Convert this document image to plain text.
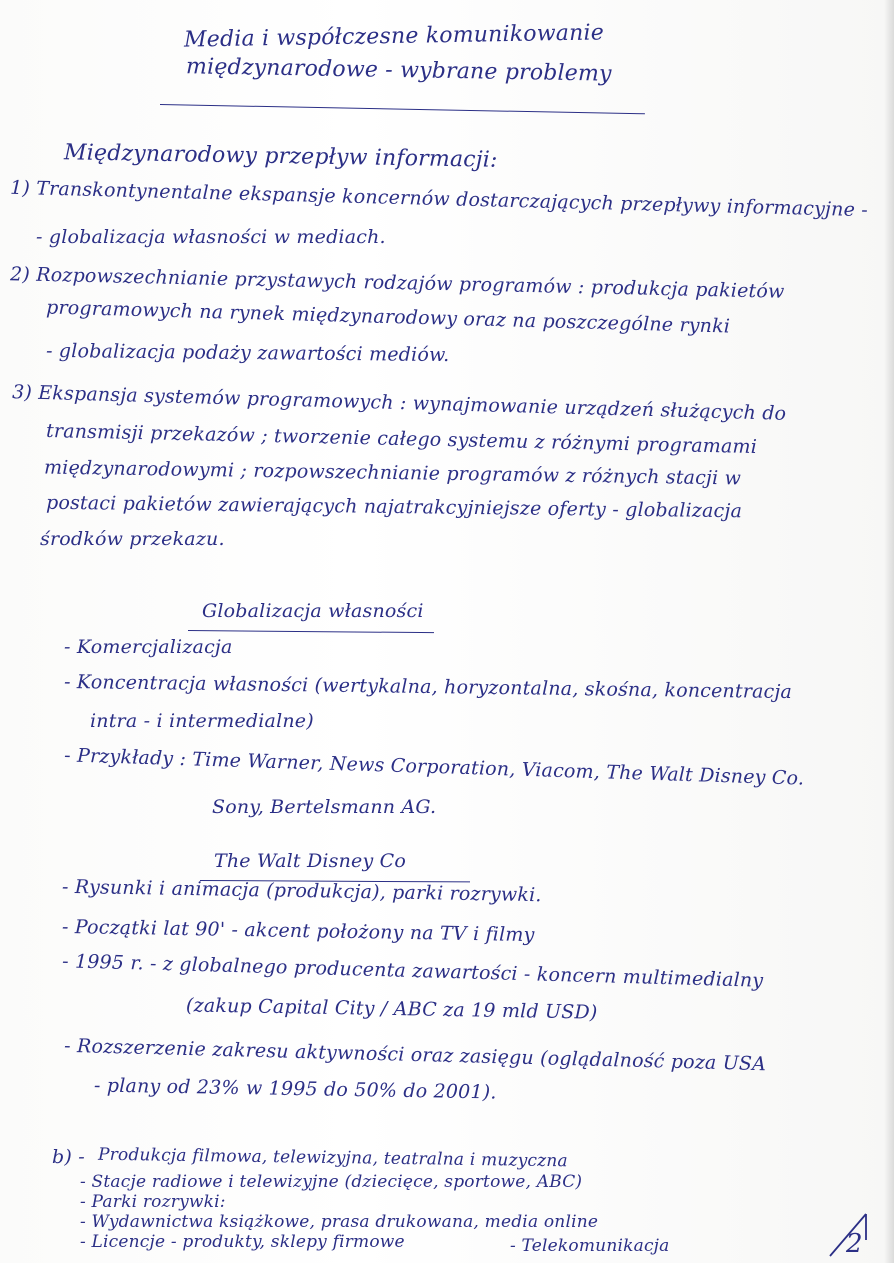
Media i współczesne komunikowanie
międzynarodowe - wybrane problemy
Międzynarodowy przepływ informacji:
1) Transkontynentalne ekspansje koncernów dostarczających przepływy informacyjne -
- globalizacja własności w mediach.
2) Rozpowszechnianie przystawych rodzajów programów : produkcja pakietów
programowych na rynek międzynarodowy oraz na poszczególne rynki
- globalizacja podaży zawartości mediów.
3) Ekspansja systemów programowych : wynajmowanie urządzeń służących do
transmisji przekazów ; tworzenie całego systemu z różnymi programami
międzynarodowymi ; rozpowszechnianie programów z różnych stacji w
postaci pakietów zawierających najatrakcyjniejsze oferty - globalizacja
środków przekazu.
Globalizacja własności
- Komercjalizacja
- Koncentracja własności (wertykalna, horyzontalna, skośna, koncentracja
intra - i intermedialne)
- Przykłady : Time Warner, News Corporation, Viacom, The Walt Disney Co.
Sony, Bertelsmann AG.
The Walt Disney Co
- Rysunki i animacja (produkcja), parki rozrywki.
- Początki lat 90' - akcent położony na TV i filmy
- 1995 r. - z globalnego producenta zawartości - koncern multimedialny
(zakup Capital City / ABC za 19 mld USD)
- Rozszerzenie zakresu aktywności oraz zasięgu (oglądalność poza USA
- plany od 23% w 1995 do 50% do 2001).
b) - Produkcja filmowa, telewizyjna, teatralna i muzyczna
- Stacje radiowe i telewizyjne (dziecięce, sportowe, ABC)
- Parki rozrywki:
- Wydawnictwa książkowe, prasa drukowana, media online
- Licencje - produkty, sklepy firmowe	- Telekomunikacja	2
